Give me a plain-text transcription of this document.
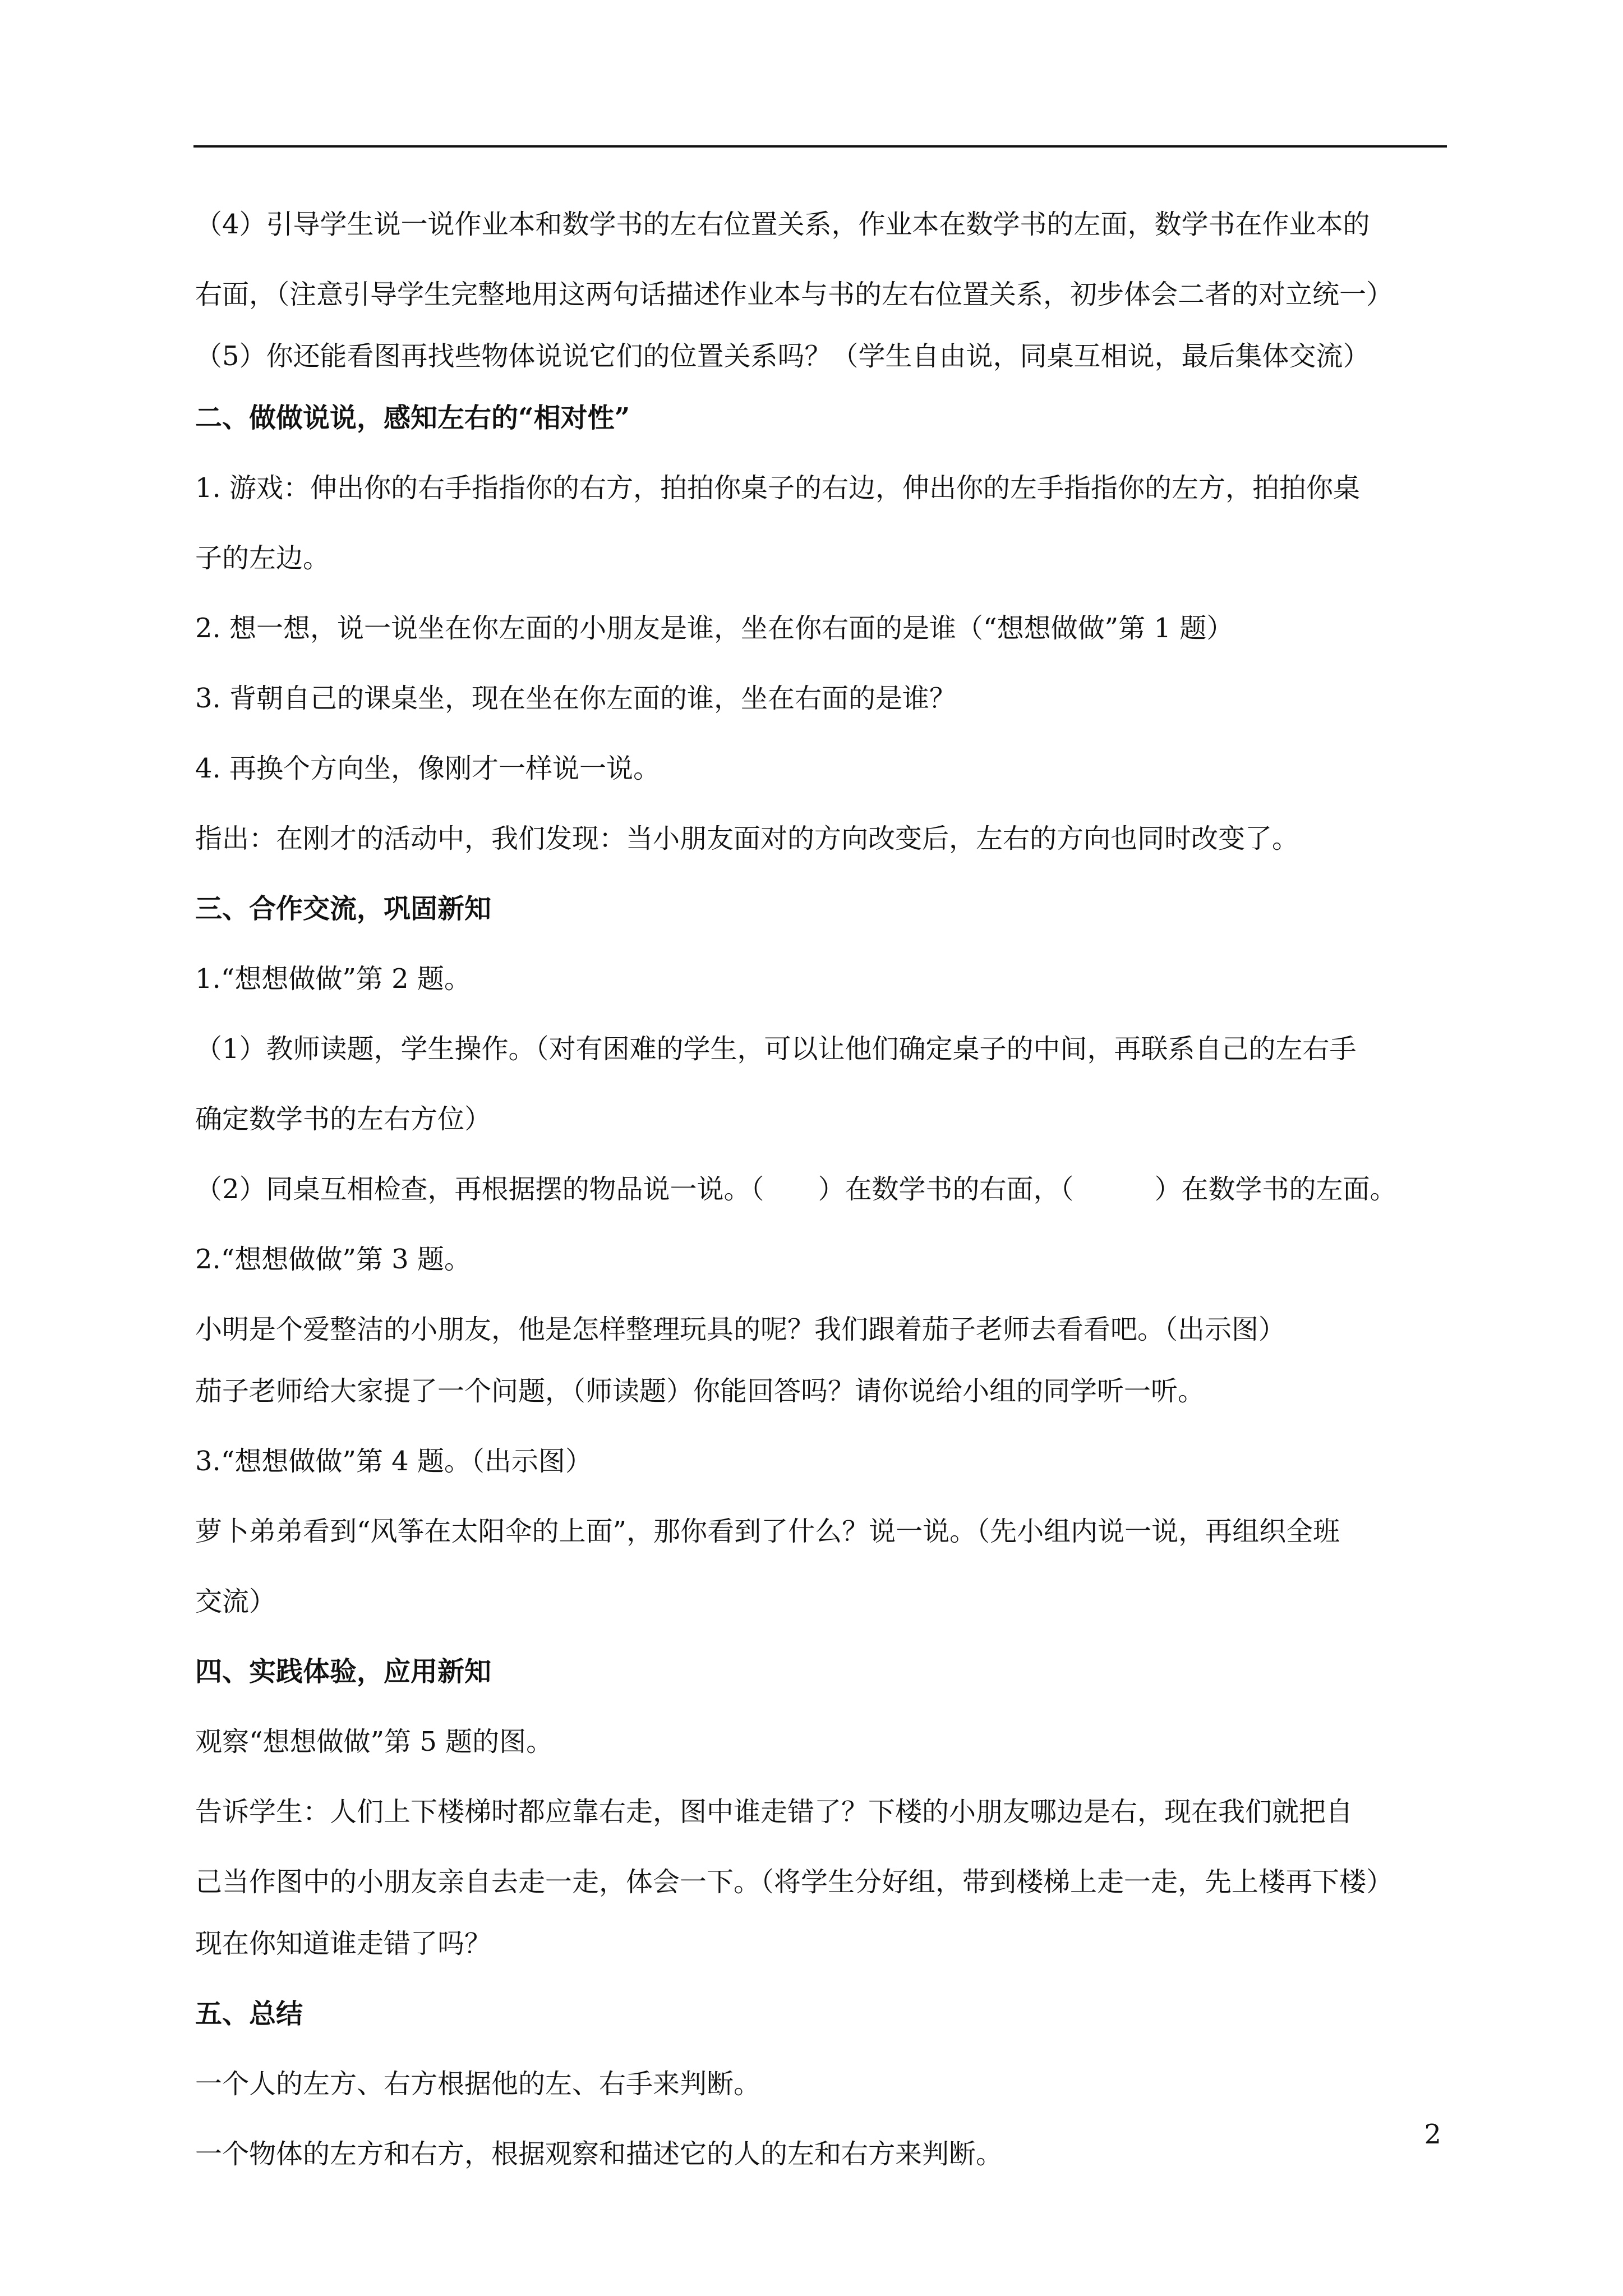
（4）引导学生说一说作业本和数学书的左右位置关系，作业本在数学书的左面，数学书在作业本的

右面，（注意引导学生完整地用这两句话描述作业本与书的左右位置关系，初步体会二者的对立统一）

（5）你还能看图再找些物体说说它们的位置关系吗？（学生自由说，同桌互相说，最后集体交流）

二、做做说说，感知左右的“相对性”

1. 游戏：伸出你的右手指指你的右方，拍拍你桌子的右边，伸出你的左手指指你的左方，拍拍你桌

子的左边。

2. 想一想，说一说坐在你左面的小朋友是谁，坐在你右面的是谁（“想想做做”第 1 题）

3. 背朝自己的课桌坐，现在坐在你左面的谁，坐在右面的是谁？

4. 再换个方向坐，像刚才一样说一说。

指出：在刚才的活动中，我们发现：当小朋友面对的方向改变后，左右的方向也同时改变了。

三、合作交流，巩固新知

1.“想想做做”第 2 题。

（1）教师读题，学生操作。（对有困难的学生，可以让他们确定桌子的中间，再联系自己的左右手

确定数学书的左右方位）

（2）同桌互相检查，再根据摆的物品说一说。（　　）在数学书的右面，（　　　）在数学书的左面。

2.“想想做做”第 3 题。

小明是个爱整洁的小朋友，他是怎样整理玩具的呢？我们跟着茄子老师去看看吧。（出示图）

茄子老师给大家提了一个问题，（师读题）你能回答吗？请你说给小组的同学听一听。

3.“想想做做”第 4 题。（出示图）

萝卜弟弟看到“风筝在太阳伞的上面”，那你看到了什么？说一说。（先小组内说一说，再组织全班

交流）

四、实践体验，应用新知

观察“想想做做”第 5 题的图。

告诉学生：人们上下楼梯时都应靠右走，图中谁走错了？下楼的小朋友哪边是右，现在我们就把自

己当作图中的小朋友亲自去走一走，体会一下。（将学生分好组，带到楼梯上走一走，先上楼再下楼）

现在你知道谁走错了吗？

五、总结

一个人的左方、右方根据他的左、右手来判断。

一个物体的左方和右方，根据观察和描述它的人的左和右方来判断。

2
